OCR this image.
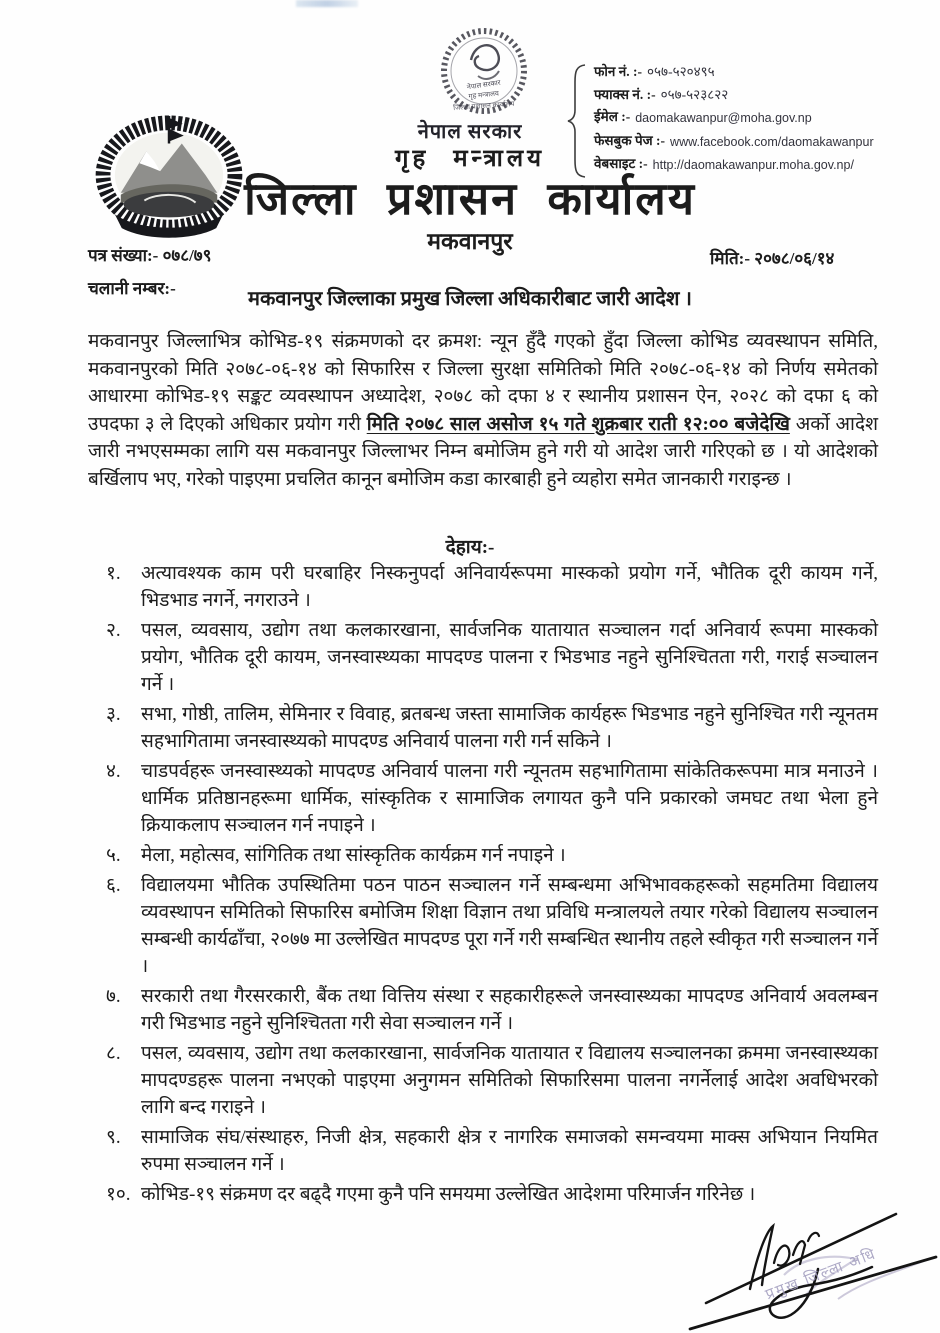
नेपाल सरकार
गृह मन्त्रालय
जिल्ला प्रशासन कार्यालय
नेपाल सरकार
गृह मन्त्रालय
जिल्ला प्रशासन कार्यालय
मकवानपुर
फोन नं. :- ०५७-५२०४९५
फ्याक्स नं. :- ०५७-५२३८२२
ईमेल :- daomakawanpur@moha.gov.np
फेसबुक पेज :- www.facebook.com/daomakawanpur
वेबसाइट :- http://daomakawanpur.moha.gov.np/
पत्र संख्या:- ०७८/७९	मिति:- २०७८/०६/१४
चलानी नम्बर:-	मकवानपुर जिल्लाका प्रमुख जिल्ला अधिकारीबाट जारी आदेश ।
मकवानपुर जिल्लाभित्र कोभिड-१९ संक्रमणको दर क्रमश: न्यून हुँदै गएको हुँदा जिल्ला कोभिड व्यवस्थापन समिति, मकवानपुरको मिति २०७८-०६-१४ को सिफारिस र जिल्ला सुरक्षा समितिको मिति २०७८-०६-१४ को निर्णय समेतको आधारमा कोभिड-१९ सङ्कट व्यवस्थापन अध्यादेश, २०७८ को दफा ४ र स्थानीय प्रशासन ऐन, २०२८ को दफा ६ को उपदफा ३ ले दिएको अधिकार प्रयोग गरी मिति २०७८ साल असोज १५ गते शुक्रबार राती १२:०० बजेदेखि अर्को आदेश जारी नभएसम्मका लागि यस मकवानपुर जिल्लाभर निम्न बमोजिम हुने गरी यो आदेश जारी गरिएको छ । यो आदेशको बर्खिलाप भए, गरेको पाइएमा प्रचलित कानून बमोजिम कडा कारबाही हुने व्यहोरा समेत जानकारी गराइन्छ ।
देहाय:-
१.	अत्यावश्यक काम परी घरबाहिर निस्कनुपर्दा अनिवार्यरूपमा मास्कको प्रयोग गर्ने, भौतिक दूरी कायम गर्ने, भिडभाड नगर्ने, नगराउने ।
२.	पसल, व्यवसाय, उद्योग तथा कलकारखाना, सार्वजनिक यातायात सञ्चालन गर्दा अनिवार्य रूपमा मास्कको प्रयोग, भौतिक दूरी कायम, जनस्वास्थ्यका मापदण्ड पालना र भिडभाड नहुने सुनिश्चितता गरी, गराई सञ्चालन गर्ने ।
३.	सभा, गोष्ठी, तालिम, सेमिनार र विवाह, ब्रतबन्ध जस्ता सामाजिक कार्यहरू भिडभाड नहुने सुनिश्चित गरी न्यूनतम सहभागितामा जनस्वास्थ्यको मापदण्ड अनिवार्य पालना गरी गर्न सकिने ।
४.	चाडपर्वहरू जनस्वास्थ्यको मापदण्ड अनिवार्य पालना गरी न्यूनतम सहभागितामा सांकेतिकरूपमा मात्र मनाउने । धार्मिक प्रतिष्ठानहरूमा धार्मिक, सांस्कृतिक र सामाजिक लगायत कुनै पनि प्रकारको जमघट तथा भेला हुने क्रियाकलाप सञ्चालन गर्न नपाइने ।
५.	मेला, महोत्सव, सांगितिक तथा सांस्कृतिक कार्यक्रम गर्न नपाइने ।
६.	विद्यालयमा भौतिक उपस्थितिमा पठन पाठन सञ्चालन गर्ने सम्बन्धमा अभिभावकहरूको सहमतिमा विद्यालय व्यवस्थापन समितिको सिफारिस बमोजिम शिक्षा विज्ञान तथा प्रविधि मन्त्रालयले तयार गरेको विद्यालय सञ्चालन सम्बन्धी कार्यढाँचा, २०७७ मा उल्लेखित मापदण्ड पूरा गर्ने गरी सम्बन्धित स्थानीय तहले स्वीकृत गरी सञ्चालन गर्ने ।
७.	सरकारी तथा गैरसरकारी, बैंक तथा वित्तिय संस्था र सहकारीहरूले जनस्वास्थ्यका मापदण्ड अनिवार्य अवलम्बन गरी भिडभाड नहुने सुनिश्चितता गरी सेवा सञ्चालन गर्ने ।
८.	पसल, व्यवसाय, उद्योग तथा कलकारखाना, सार्वजनिक यातायात र विद्यालय सञ्चालनका क्रममा जनस्वास्थ्यका मापदण्डहरू पालना नभएको पाइएमा अनुगमन समितिको सिफारिसमा पालना नगर्नेलाई आदेश अवधिभरको लागि बन्द गराइने ।
९.	सामाजिक संघ/संस्थाहरु, निजी क्षेत्र, सहकारी क्षेत्र र नागरिक समाजको समन्वयमा माक्स अभियान नियमित रुपमा सञ्चालन गर्ने ।
१०. कोभिड-१९ संक्रमण दर बढ्दै गएमा कुनै पनि समयमा उल्लेखित आदेशमा परिमार्जन गरिनेछ ।
प्रमुख जिल्ला अधि
